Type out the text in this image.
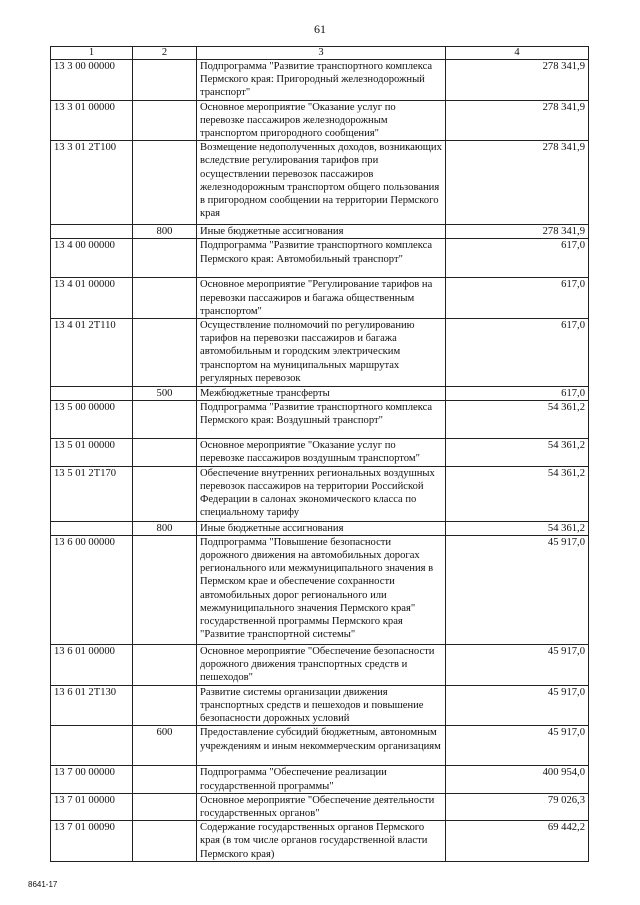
61
1	2	3	4
13 3 00 00000		Подпрограмма "Развитие транспортного комплекса Пермского края: Пригородный железнодорожный транспорт"	278 341,9
13 3 01 00000		Основное мероприятие "Оказание услуг по перевозке пассажиров железнодорожным транспортом пригородного сообщения"	278 341,9
13 3 01 2Т100		Возмещение недополученных доходов, возникающих вследствие регулирования тарифов при осуществлении перевозок пассажиров железнодорожным транспортом общего пользования в пригородном сообщении на территории Пермского края	278 341,9
	800	Иные бюджетные ассигнования	278 341,9
13 4 00 00000		Подпрограмма "Развитие транспортного комплекса Пермского края: Автомобильный транспорт"	617,0
13 4 01 00000		Основное мероприятие "Регулирование тарифов на перевозки пассажиров и багажа общественным транспортом"	617,0
13 4 01 2Т110		Осуществление полномочий по регулированию тарифов на перевозки пассажиров и багажа автомобильным и городским электрическим транспортом на муниципальных маршрутах регулярных перевозок	617,0
	500	Межбюджетные трансферты	617,0
13 5 00 00000		Подпрограмма "Развитие транспортного комплекса Пермского края: Воздушный транспорт"	54 361,2
13 5 01 00000		Основное мероприятие "Оказание услуг по перевозке пассажиров воздушным транспортом"	54 361,2
13 5 01 2Т170		Обеспечение внутренних региональных воздушных перевозок пассажиров на территории Российской Федерации в салонах экономического класса по специальному тарифу	54 361,2
	800	Иные бюджетные ассигнования	54 361,2
13 6 00 00000		Подпрограмма "Повышение безопасности дорожного движения на автомобильных дорогах регионального или межмуниципального значения в Пермском крае и обеспечение сохранности автомобильных дорог регионального или межмуниципального значения Пермского края" государственной программы Пермского края "Развитие транспортной системы"	45 917,0
13 6 01 00000		Основное мероприятие "Обеспечение безопасности дорожного движения транспортных средств и пешеходов"	45 917,0
13 6 01 2Т130		Развитие системы организации движения транспортных средств и пешеходов и повышение безопасности дорожных условий	45 917,0
	600	Предоставление субсидий бюджетным, автономным учреждениям и иным некоммерческим организациям	45 917,0
13 7 00 00000		Подпрограмма "Обеспечение реализации государственной программы"	400 954,0
13 7 01 00000		Основное мероприятие "Обеспечение деятельности государственных органов"	79 026,3
13 7 01 00090		Содержание государственных органов Пермского края (в том числе органов государственной власти Пермского края)	69 442,2
8641-17
